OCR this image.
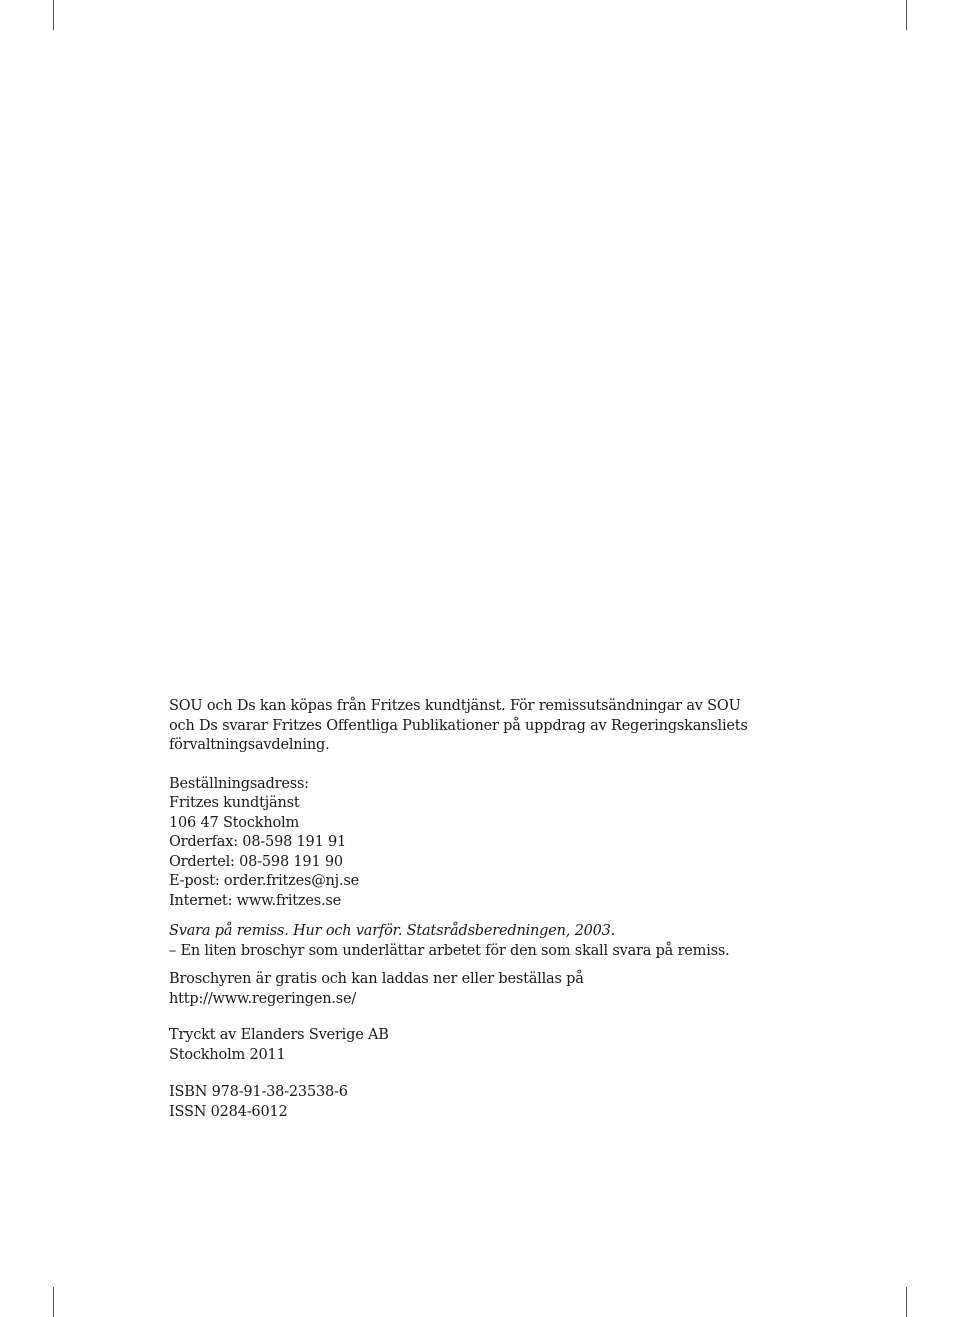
SOU och Ds kan köpas från Fritzes kundtjänst. För remissutsändningar av SOU

och Ds svarar Fritzes Offentliga Publikationer på uppdrag av Regeringskansliets

förvaltningsavdelning.

Beställningsadress:

Fritzes kundtjänst

106 47 Stockholm

Orderfax: 08-598 191 91

Ordertel: 08-598 191 90

E-post: order.fritzes@nj.se

Internet: www.fritzes.se

Svara på remiss. Hur och varför. Statsrådsberedningen, 2003.

– En liten broschyr som underlättar arbetet för den som skall svara på remiss.

Broschyren är gratis och kan laddas ner eller beställas på

http://www.regeringen.se/

Tryckt av Elanders Sverige AB

Stockholm 2011

ISBN 978-91-38-23538-6

ISSN 0284-6012
